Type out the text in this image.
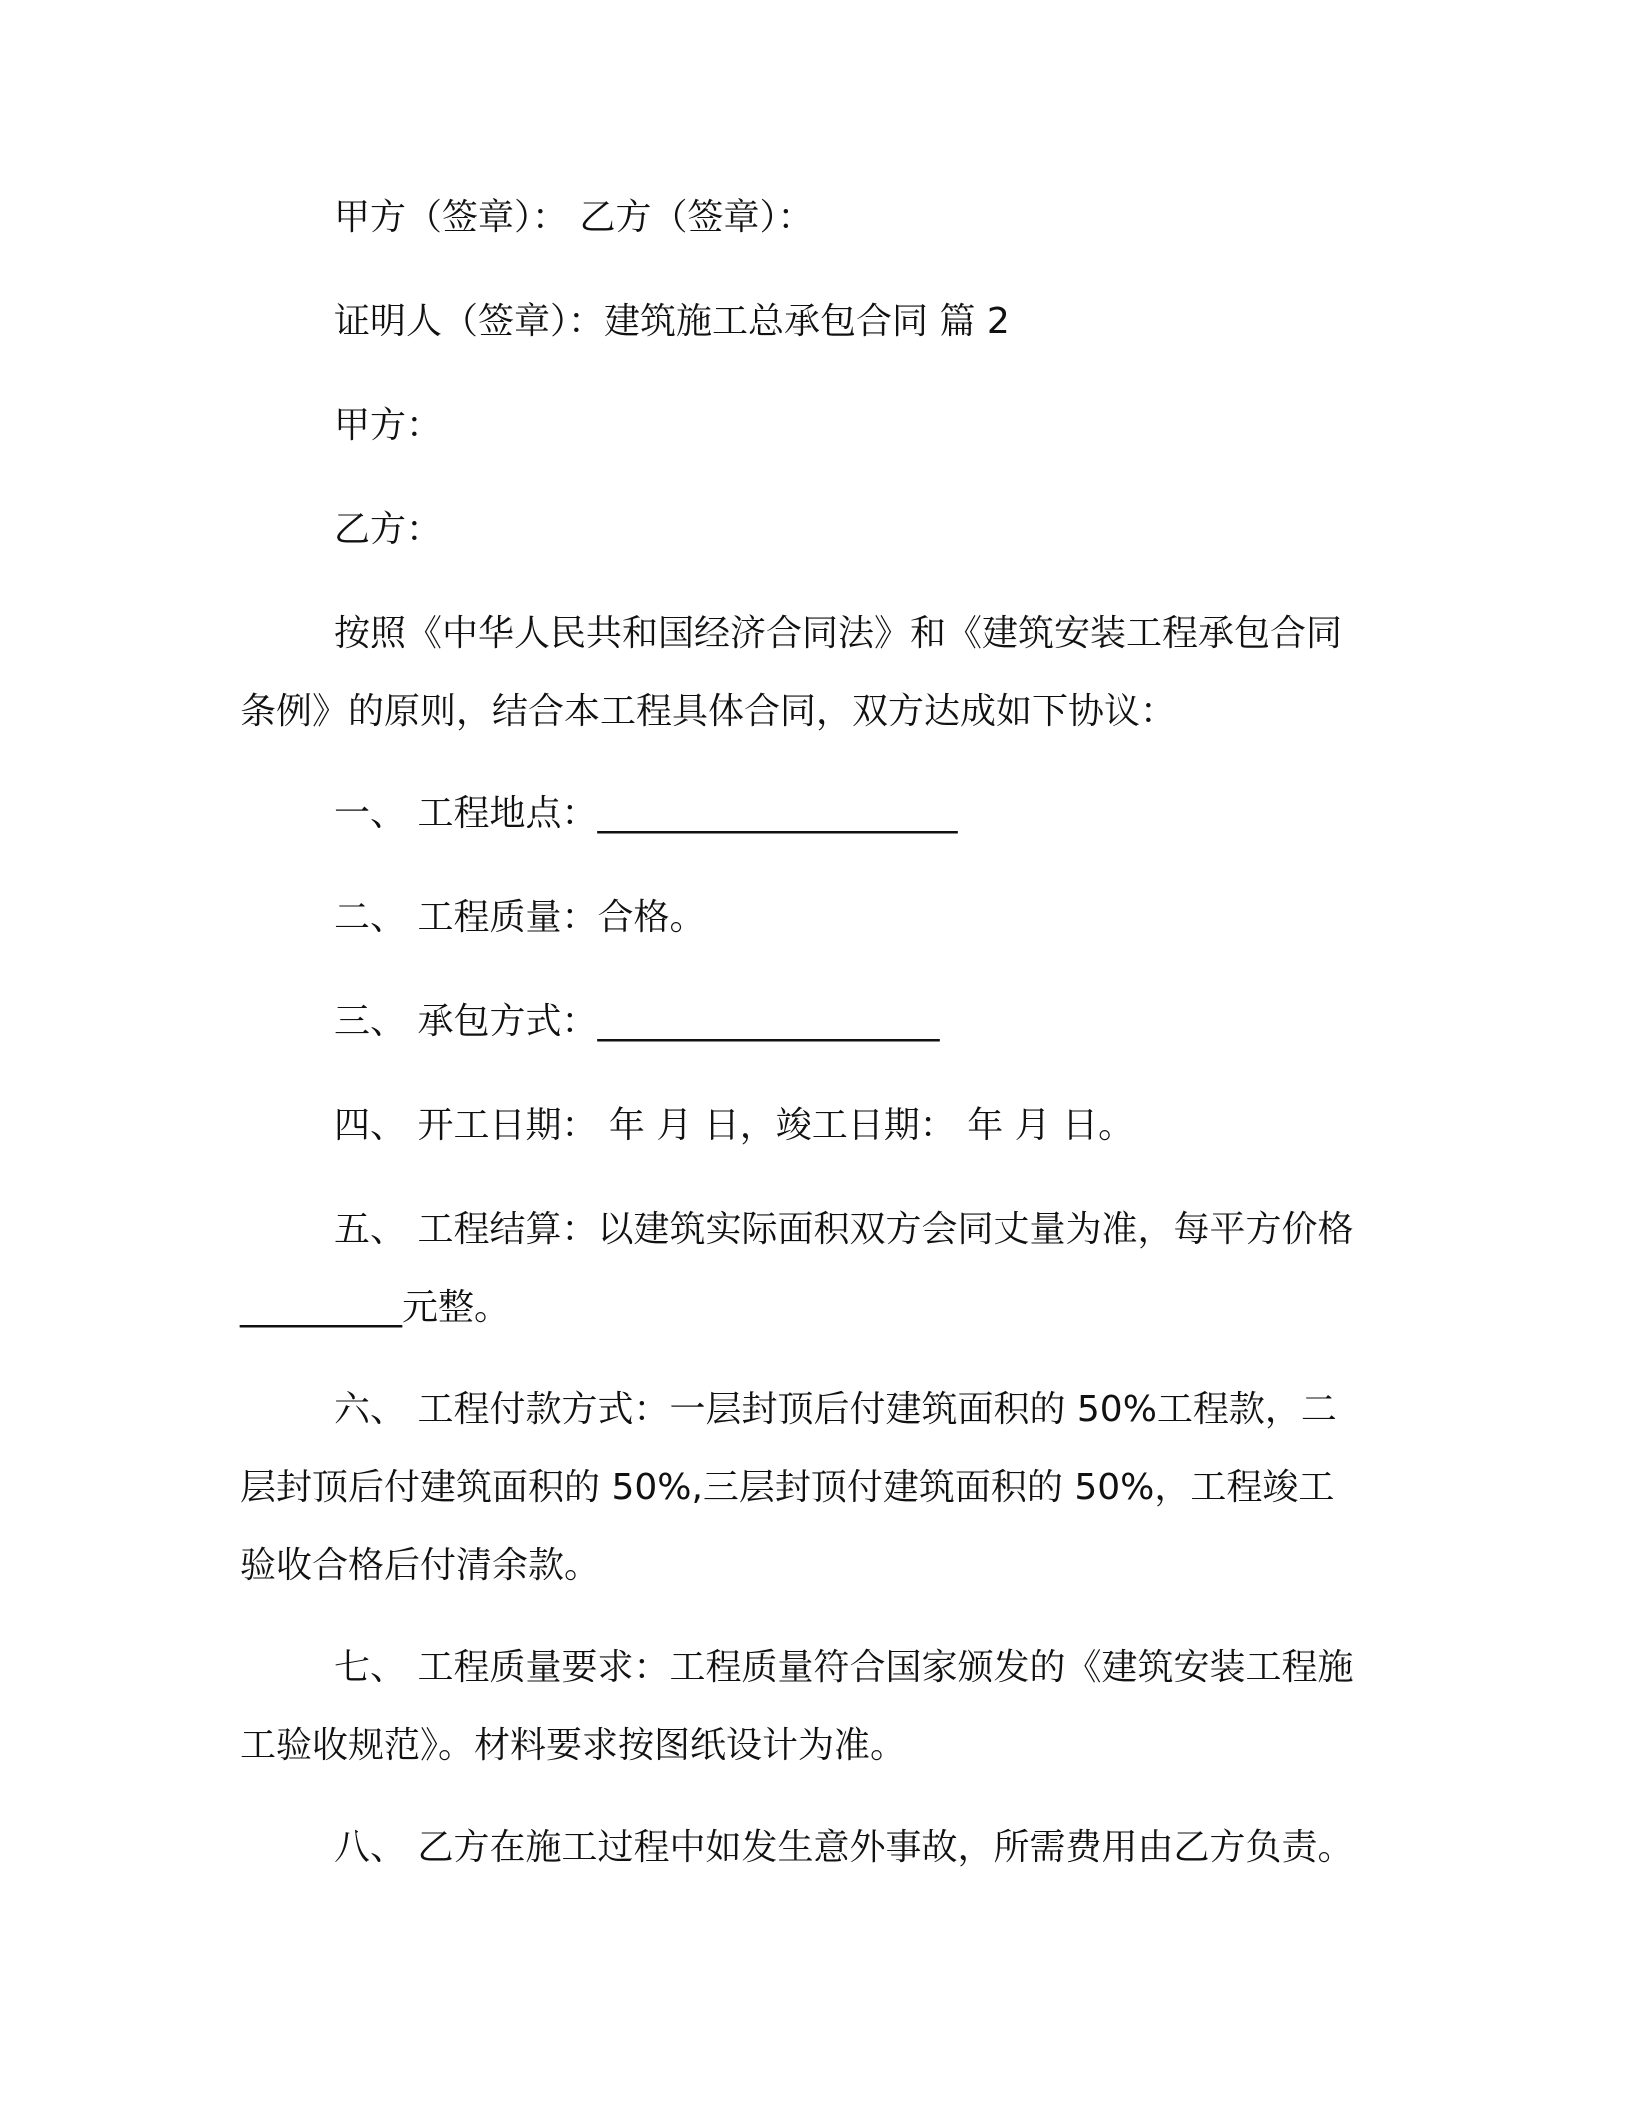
甲方（签章）： 乙方（签章）：
证明人（签章）：建筑施工总承包合同 篇 2
甲方：
乙方：
按照《中华人民共和国经济合同法》和《建筑安装工程承包合同
条例》的原则，结合本工程具体合同，双方达成如下协议：
一、 工程地点：____________________
二、 工程质量：合格。
三、 承包方式：___________________
四、 开工日期： 年 月 日，竣工日期： 年 月 日。
五、 工程结算：以建筑实际面积双方会同丈量为准，每平方价格
_________元整。
六、 工程付款方式：一层封顶后付建筑面积的 50%工程款，二
层封顶后付建筑面积的 50%,三层封顶付建筑面积的 50%，工程竣工
验收合格后付清余款。
七、 工程质量要求：工程质量符合国家颁发的《建筑安装工程施
工验收规范》。材料要求按图纸设计为准。
八、 乙方在施工过程中如发生意外事故，所需费用由乙方负责。
